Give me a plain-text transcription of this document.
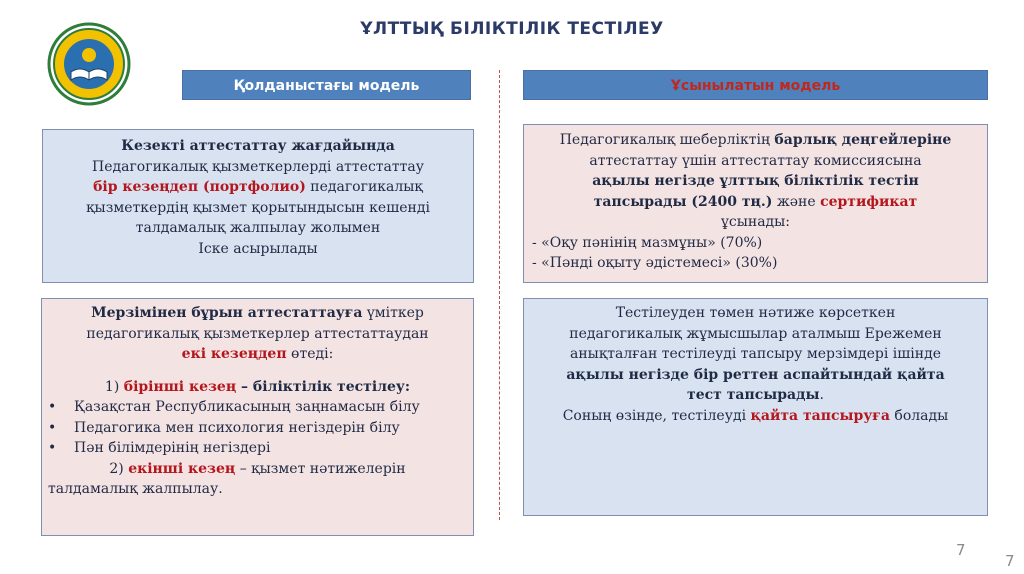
ҰЛТТЫҚ БІЛІКТІЛІК ТЕСТІЛЕУ
Қолданыстағы модель	Ұсынылатын модель
Кезекті аттестаттау жағдайында
Педагогикалық қызметкерлерді аттестаттау
бір кезеңдеп (портфолио) педагогикалық
қызметкердің қызмет қорытындысын кешенді
талдамалық жалпылау жолымен
Іске асырылады
Педагогикалық шеберліктің барлық деңгейлеріне
аттестаттау үшін аттестаттау комиссиясына
ақылы негізде ұлттық біліктілік тестін
тапсырады (2400 тң.) және сертификат
ұсынады:
- «Оқу пәнінің мазмұны» (70%)
- «Пәнді оқыту әдістемесі» (30%)
Мерзімінен бұрын аттестаттауға үміткер
педагогикалық қызметкерлер аттестаттаудан
екі кезеңдеп өтеді:
1) бірінші кезең – біліктілік тестілеу:
•	Қазақстан Республикасының заңнамасын білу
•	Педагогика мен психология негіздерін білу
•	Пән білімдерінің негіздері
2) екінші кезең – қызмет нәтижелерін
талдамалық жалпылау.
Тестілеуден төмен нәтиже көрсеткен
педагогикалық жұмысшылар аталмыш Ережемен
анықталған тестілеуді тапсыру мерзімдері ішінде
ақылы негізде бір реттен аспайтындай қайта
тест тапсырады.
Соның өзінде, тестілеуді қайта тапсыруға болады
7
7
